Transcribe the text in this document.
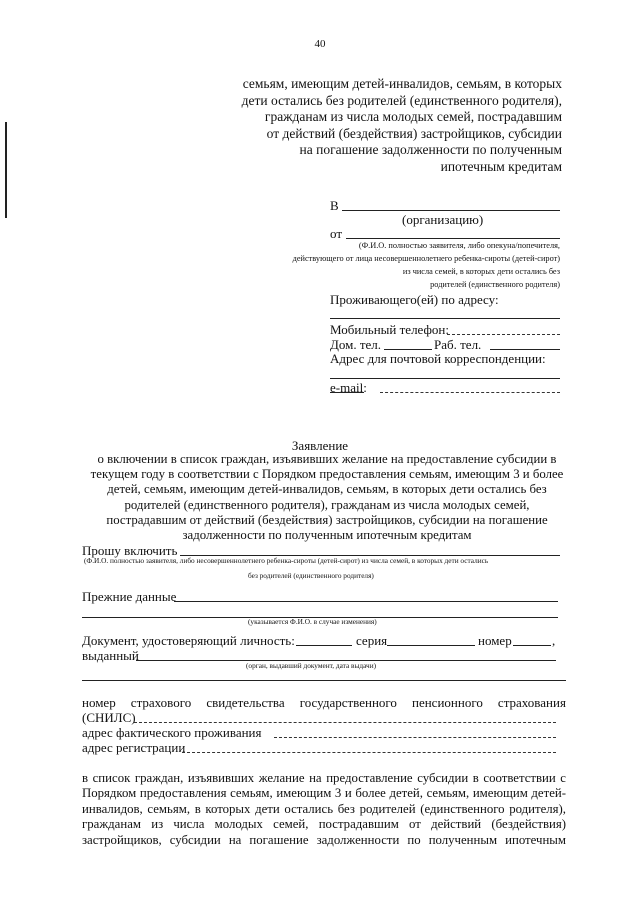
40
семьям, имеющим детей-инвалидов, семьям, в которых
дети остались без родителей (единственного родителя),
гражданам из числа молодых семей, пострадавшим
от действий (бездействия) застройщиков, субсидии
на погашение задолженности по полученным
ипотечным кредитам
В
(организацию)
от
(Ф.И.О. полностью заявителя, либо опекуна/попечителя,
действующего от лица несовершеннолетнего ребенка-сироты (детей-сирот)
из числа семей, в которых дети остались без
родителей (единственного родителя)
Проживающего(ей) по адресу:
Мобильный телефон:
Дом. тел.	Раб. тел.
Адрес для почтовой корреспонденции:
e-mail:
Заявление
о включении в список граждан, изъявивших желание на предоставление субсидии в
текущем году в соответствии с Порядком предоставления семьям, имеющим 3 и более
детей, семьям, имеющим детей-инвалидов, семьям, в которых дети остались без
родителей (единственного родителя), гражданам из числа молодых семей,
пострадавшим от действий (бездействия) застройщиков, субсидии на погашение
задолженности по полученным ипотечным кредитам
Прошу включить
(Ф.И.О. полностью заявителя, либо несовершеннолетнего ребенка-сироты (детей-сирот) из числа семей, в которых дети остались
без родителей (единственного родителя)
Прежние данные
(указывается Ф.И.О. в случае изменения)
Документ, удостоверяющий личность:	серия	номер	,
выданный
(орган, выдавший документ, дата выдачи)
номер страхового свидетельства государственного пенсионного страхования
(СНИЛС)
адрес фактического проживания
адрес регистрации
в список граждан, изъявивших желание на предоставление субсидии в соответствии с
Порядком предоставления семьям, имеющим 3 и более детей, семьям, имеющим детей-
инвалидов, семьям, в которых дети остались без родителей (единственного родителя),
гражданам из числа молодых семей, пострадавшим от действий (бездействия)
застройщиков, субсидии на погашение задолженности по полученным ипотечным
